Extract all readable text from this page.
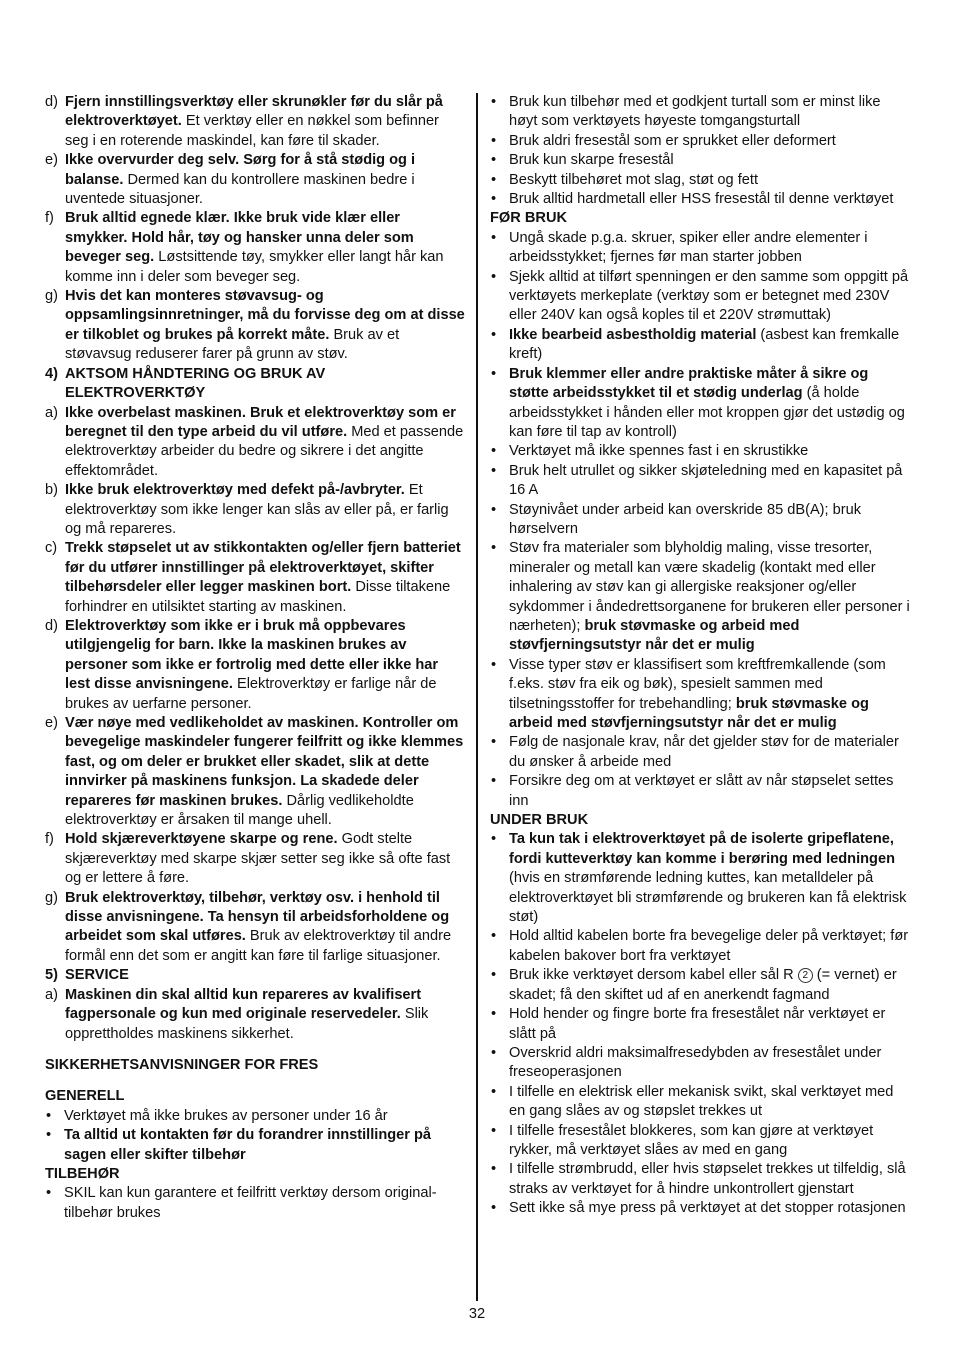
d) Fjern innstillingsverktøy eller skrunøkler før du slår på elektroverktøyet. Et verktøy eller en nøkkel som befinner seg i en roterende maskindel, kan føre til skader.
e) Ikke overvurder deg selv. Sørg for å stå stødig og i balanse. Dermed kan du kontrollere maskinen bedre i uventede situasjoner.
f) Bruk alltid egnede klær. Ikke bruk vide klær eller smykker. Hold hår, tøy og hansker unna deler som beveger seg. Løstsittende tøy, smykker eller langt hår kan komme inn i deler som beveger seg.
g) Hvis det kan monteres støvavsug- og oppsamlingsinnretninger, må du forvisse deg om at disse er tilkoblet og brukes på korrekt måte. Bruk av et støvavsug reduserer farer på grunn av støv.
4) AKTSOM HÅNDTERING OG BRUK AV ELEKTROVERKTØY
a) Ikke overbelast maskinen. Bruk et elektroverktøy som er beregnet til den type arbeid du vil utføre. Med et passende elektroverktøy arbeider du bedre og sikrere i det angitte effektområdet.
b) Ikke bruk elektroverktøy med defekt på-/avbryter. Et elektroverktøy som ikke lenger kan slås av eller på, er farlig og må repareres.
c) Trekk støpselet ut av stikkontakten og/eller fjern batteriet før du utfører innstillinger på elektroverktøyet, skifter tilbehørsdeler eller legger maskinen bort. Disse tiltakene forhindrer en utilsiktet starting av maskinen.
d) Elektroverktøy som ikke er i bruk må oppbevares utilgjengelig for barn. Ikke la maskinen brukes av personer som ikke er fortrolig med dette eller ikke har lest disse anvisningene. Elektroverktøy er farlige når de brukes av uerfarne personer.
e) Vær nøye med vedlikeholdet av maskinen. Kontroller om bevegelige maskindeler fungerer feilfritt og ikke klemmes fast, og om deler er brukket eller skadet, slik at dette innvirker på maskinens funksjon. La skadede deler repareres før maskinen brukes. Dårlig vedlikeholdte elektroverktøy er årsaken til mange uhell.
f) Hold skjæreverktøyene skarpe og rene. Godt stelte skjæreverktøy med skarpe skjær setter seg ikke så ofte fast og er lettere å føre.
g) Bruk elektroverktøy, tilbehør, verktøy osv. i henhold til disse anvisningene. Ta hensyn til arbeidsforholdene og arbeidet som skal utføres. Bruk av elektroverktøy til andre formål enn det som er angitt kan føre til farlige situasjoner.
5) SERVICE
a) Maskinen din skal alltid kun repareres av kvalifisert fagpersonale og kun med originale reservedeler. Slik opprettholdes maskinens sikkerhet.
SIKKERHETSANVISNINGER FOR FRES
GENERELL
• Verktøyet må ikke brukes av personer under 16 år
• Ta alltid ut kontakten før du forandrer innstillinger på sagen eller skifter tilbehør
TILBEHØR
• SKIL kan kun garantere et feilfritt verktøy dersom original-tilbehør brukes
• Bruk kun tilbehør med et godkjent turtall som er minst like høyt som verktøyets høyeste tomgangsturtall
• Bruk aldri fresestål som er sprukket eller deformert
• Bruk kun skarpe fresestål
• Beskytt tilbehøret mot slag, støt og fett
• Bruk alltid hardmetall eller HSS fresestål til denne verktøyet
FØR BRUK
• Ungå skade p.g.a. skruer, spiker eller andre elementer i arbeidsstykket; fjernes før man starter jobben
• Sjekk alltid at tilført spenningen er den samme som oppgitt på verktøyets merkeplate (verktøy som er betegnet med 230V eller 240V kan også koples til et 220V strømuttak)
• Ikke bearbeid asbestholdig material (asbest kan fremkalle kreft)
• Bruk klemmer eller andre praktiske måter å sikre og støtte arbeidsstykket til et stødig underlag (å holde arbeidsstykket i hånden eller mot kroppen gjør det ustødig og kan føre til tap av kontroll)
• Verktøyet må ikke spennes fast i en skrustikke
• Bruk helt utrullet og sikker skjøteledning med en kapasitet på 16 A
• Støynivået under arbeid kan overskride 85 dB(A); bruk hørselvern
• Støv fra materialer som blyholdig maling, visse tresorter, mineraler og metall kan være skadelig (kontakt med eller inhalering av støv kan gi allergiske reaksjoner og/eller sykdommer i åndedrettsorganene for brukeren eller personer i nærheten); bruk støvmaske og arbeid med støvfjerningsutstyr når det er mulig
• Visse typer støv er klassifisert som kreftfremkallende (som f.eks. støv fra eik og bøk), spesielt sammen med tilsetningsstoffer for trebehandling; bruk støvmaske og arbeid med støvfjerningsutstyr når det er mulig
• Følg de nasjonale krav, når det gjelder støv for de materialer du ønsker å arbeide med
• Forsikre deg om at verktøyet er slått av når støpselet settes inn
UNDER BRUK
• Ta kun tak i elektroverktøyet på de isolerte gripeflatene, fordi kutteverktøy kan komme i berøring med ledningen (hvis en strømførende ledning kuttes, kan metalldeler på elektroverktøyet bli strømførende og brukeren kan få elektrisk støt)
• Hold alltid kabelen borte fra bevegelige deler på verktøyet; før kabelen bakover bort fra verktøyet
• Bruk ikke verktøyet dersom kabel eller sål R 2 (= vernet) er skadet; få den skiftet ud af en anerkendt fagmand
• Hold hender og fingre borte fra fresestålet når verktøyet er slått på
• Overskrid aldri maksimalfresedybden av fresestålet under freseoperasjonen
• I tilfelle en elektrisk eller mekanisk svikt, skal verktøyet med en gang slåes av og støpslet trekkes ut
• I tilfelle fresestålet blokkeres, som kan gjøre at verktøyet rykker, må verktøyet slåes av med en gang
• I tilfelle strømbrudd, eller hvis støpselet trekkes ut tilfeldig, slå straks av verktøyet for å hindre unkontrollert gjenstart
• Sett ikke så mye press på verktøyet at det stopper rotasjonen
32
